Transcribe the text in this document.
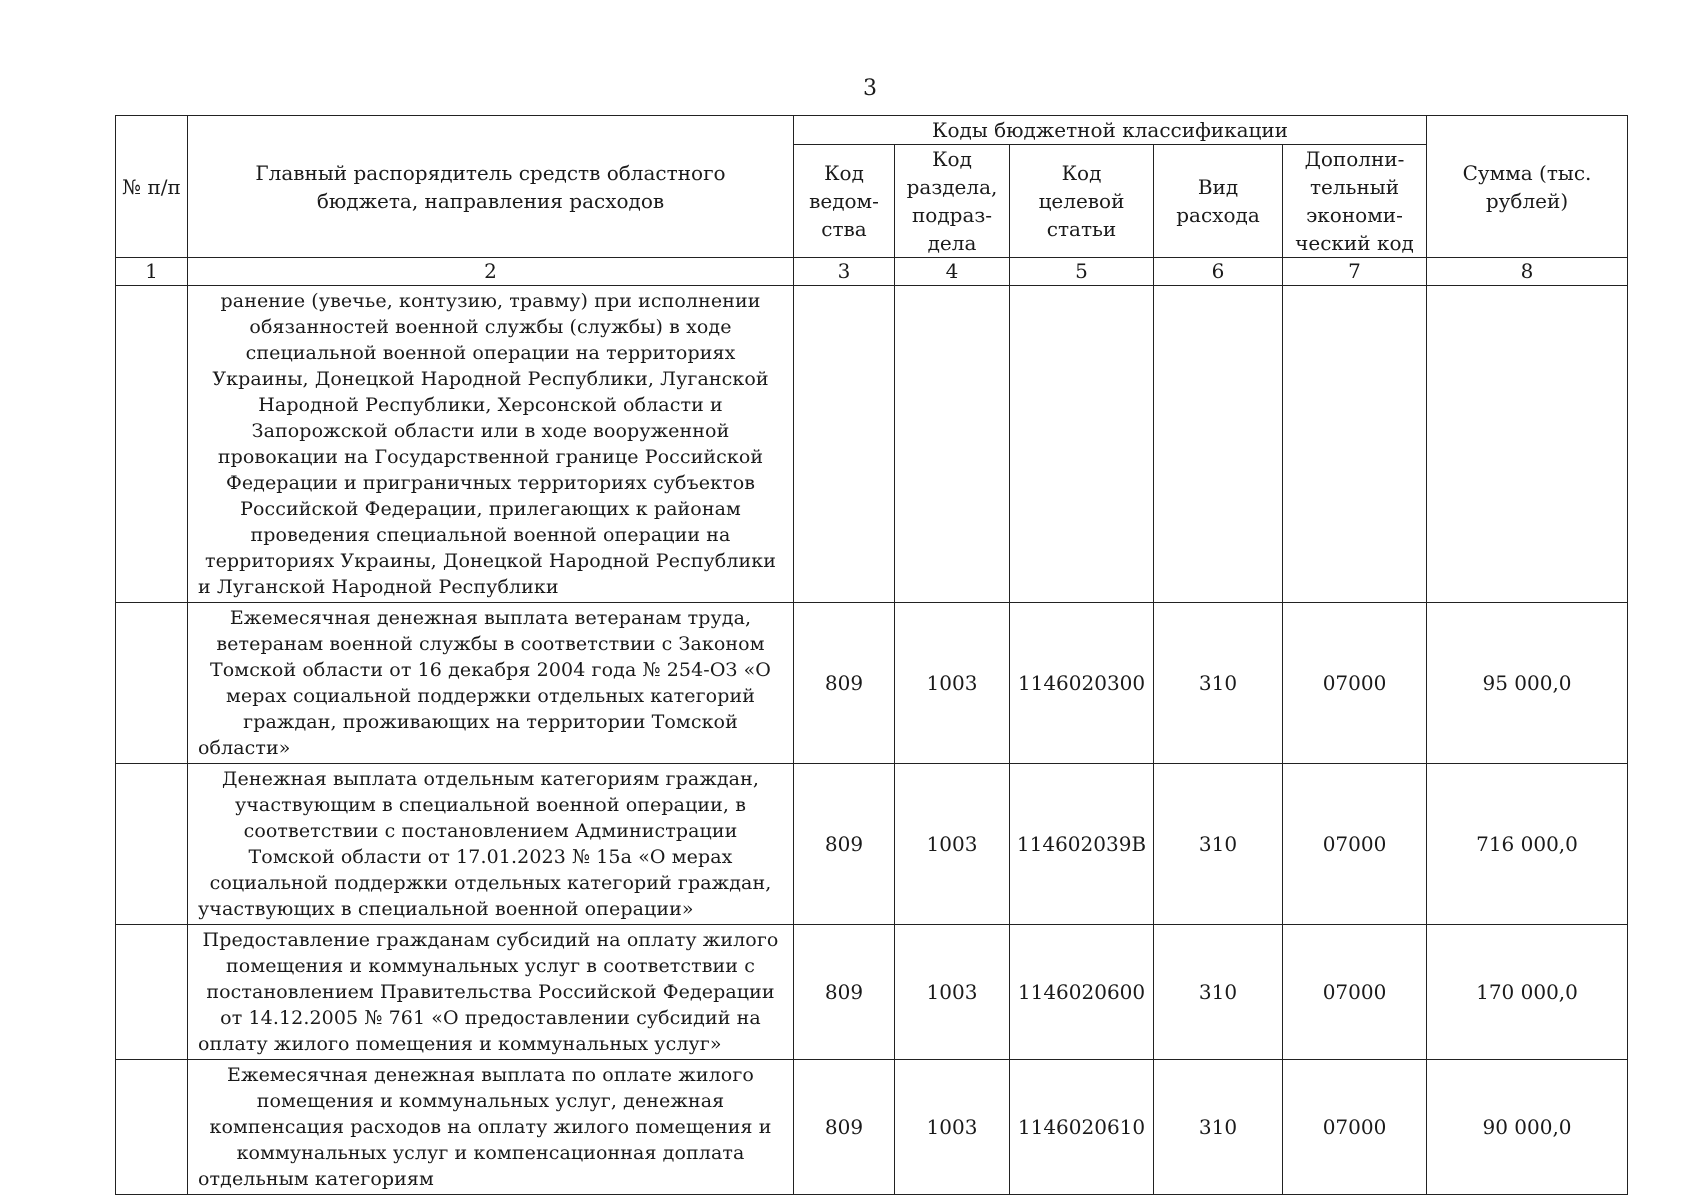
3
№ п/п	Главный распорядитель средств областного бюджета, направления расходов	Коды бюджетной классификации					Сумма (тыс. рублей)
		Код ведом-ства	Код раздела, подраз-дела	Код целевой статьи	Вид расхода	Дополни-тельный экономи-ческий код	
1	2	3	4	5	6	7	8
	ранение (увечье, контузию, травму) при исполнении обязанностей военной службы (службы) в ходе специальной военной операции на территориях Украины, Донецкой Народной Республики, Луганской Народной Республики, Херсонской области и Запорожской области или в ходе вооруженной провокации на Государственной границе Российской Федерации и приграничных территориях субъектов Российской Федерации, прилегающих к районам проведения специальной военной операции на территориях Украины, Донецкой Народной Республики и Луганской Народной Республики						
	Ежемесячная денежная выплата ветеранам труда, ветеранам военной службы в соответствии с Законом Томской области от 16 декабря 2004 года № 254-ОЗ «О мерах социальной поддержки отдельных категорий граждан, проживающих на территории Томской области»	809	1003	1146020300	310	07000	95 000,0
	Денежная выплата отдельным категориям граждан, участвующим в специальной военной операции, в соответствии с постановлением Администрации Томской области от 17.01.2023 № 15а «О мерах социальной поддержки отдельных категорий граждан, участвующих в специальной военной операции»	809	1003	114602039В	310	07000	716 000,0
	Предоставление гражданам субсидий на оплату жилого помещения и коммунальных услуг в соответствии с постановлением Правительства Российской Федерации от 14.12.2005 № 761 «О предоставлении субсидий на оплату жилого помещения и коммунальных услуг»	809	1003	1146020600	310	07000	170 000,0
	Ежемесячная денежная выплата по оплате жилого помещения и коммунальных услуг, денежная компенсация расходов на оплату жилого помещения и коммунальных услуг и компенсационная доплата отдельным категориям	809	1003	1146020610	310	07000	90 000,0
